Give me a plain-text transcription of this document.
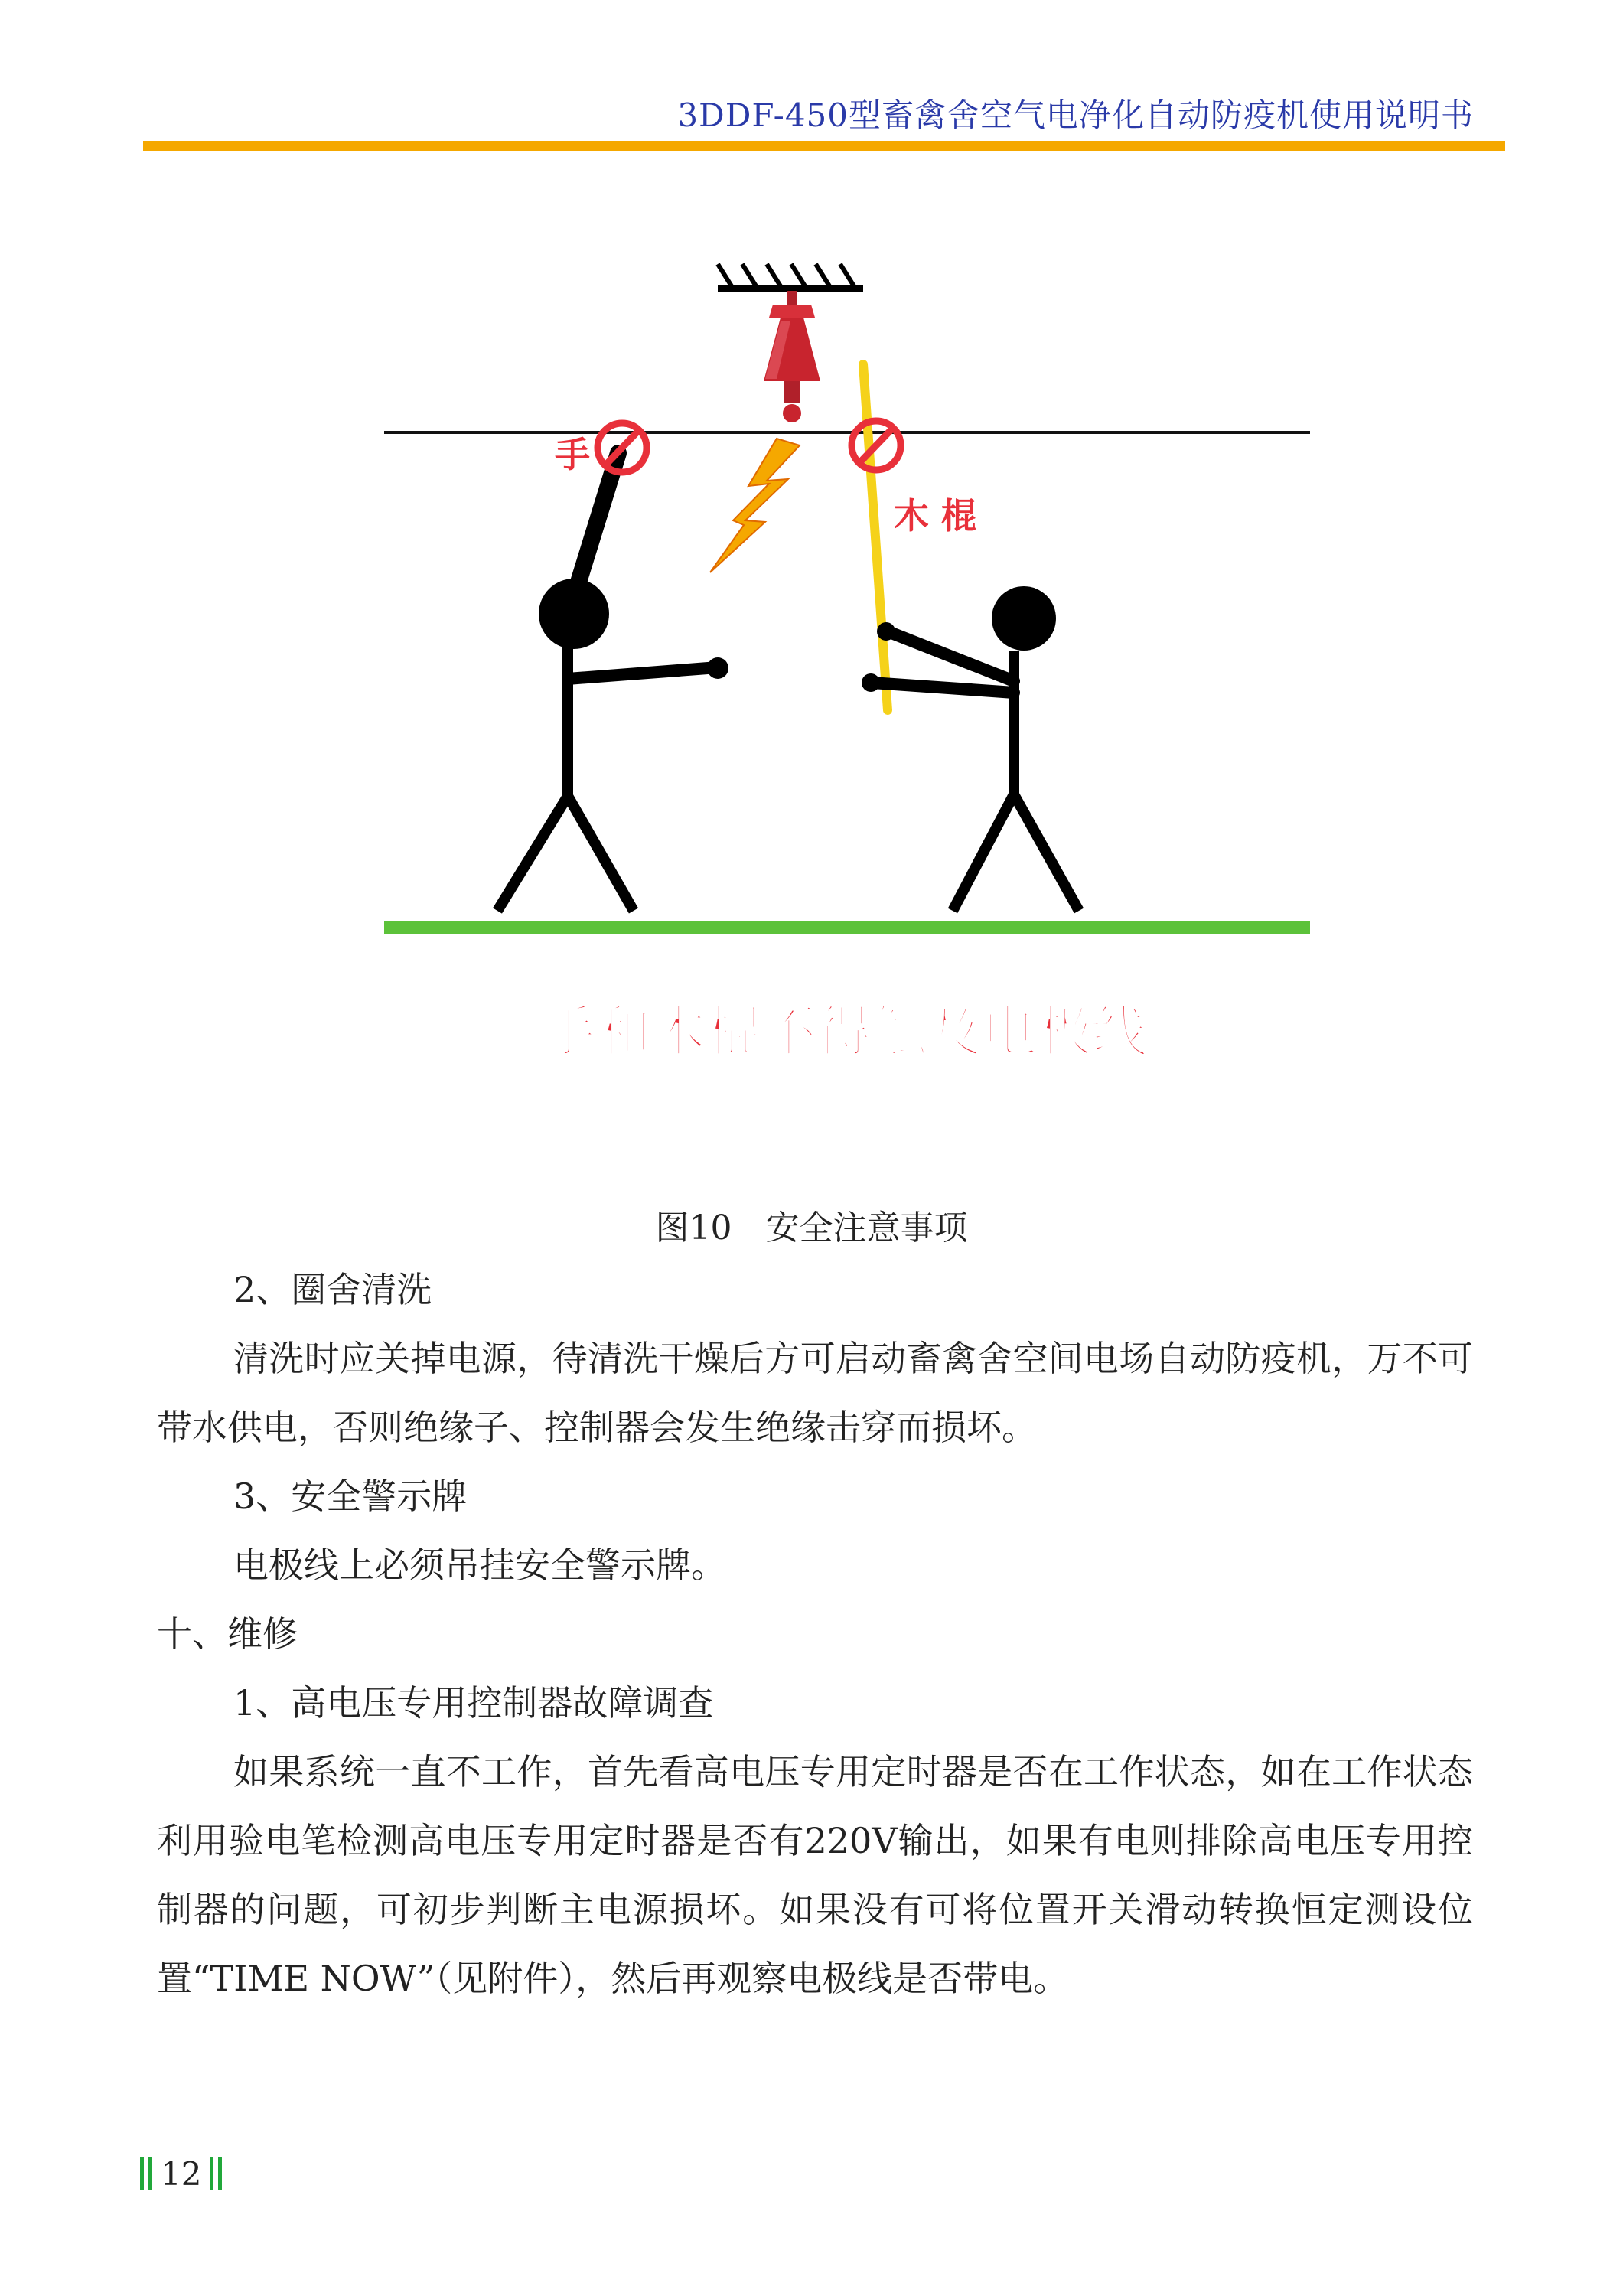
3DDF-450型畜禽舍空气电净化自动防疫机使用说明书
手
木 棍
手和木棍不得触及电极线
图10　安全注意事项

2、圈舍清洗

清洗时应关掉电源，待清洗干燥后方可启动畜禽舍空间电场自动防疫机，万不可带水供电，否则绝缘子、控制器会发生绝缘击穿而损坏。

3、安全警示牌

电极线上必须吊挂安全警示牌。

十、维修

1、高电压专用控制器故障调查

如果系统一直不工作，首先看高电压专用定时器是否在工作状态，如在工作状态利用验电笔检测高电压专用定时器是否有220V输出，如果有电则排除高电压专用控制器的问题，可初步判断主电源损坏。如果没有可将位置开关滑动转换恒定测设位置“TIME NOW”（见附件），然后再观察电极线是否带电。

12
